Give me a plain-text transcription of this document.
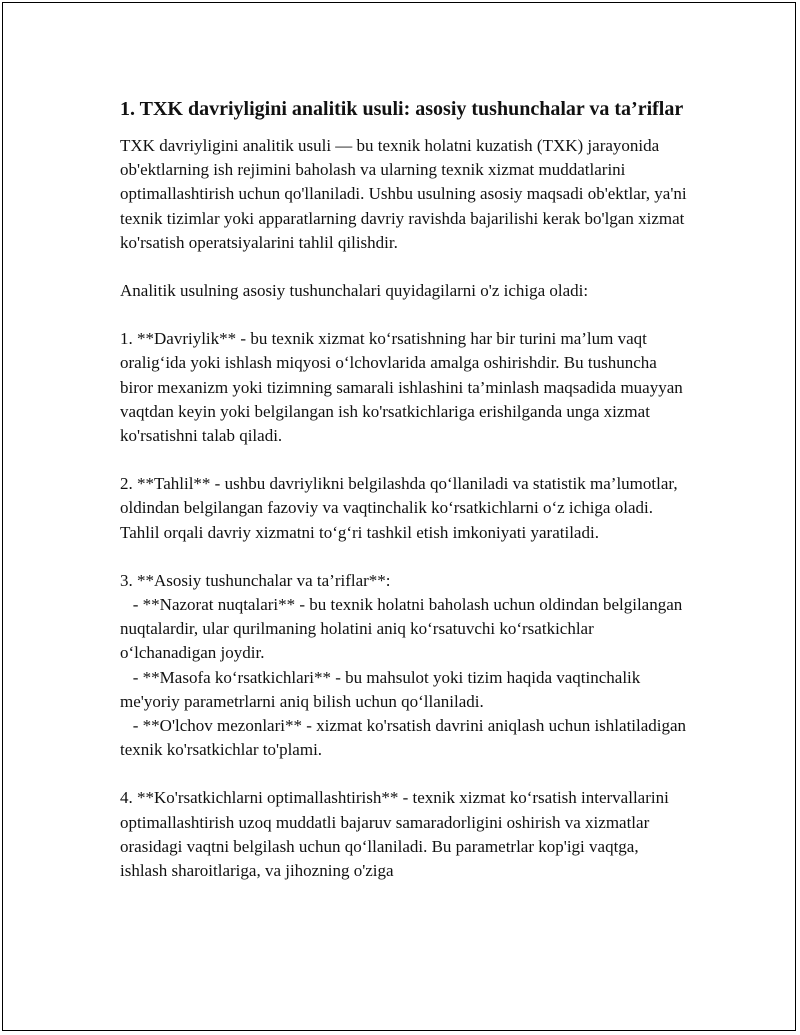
1. TXK davriyligini analitik usuli: asosiy tushunchalar va ta’riflar

TXK davriyligini analitik usuli — bu texnik holatni kuzatish (TXK) jarayonida ob'ektlarning ish rejimini baholash va ularning texnik xizmat muddatlarini optimallashtirish uchun qo'llaniladi. Ushbu usulning asosiy maqsadi ob'ektlar, ya'ni texnik tizimlar yoki apparatlarning davriy ravishda bajarilishi kerak bo'lgan xizmat ko'rsatish operatsiyalarini tahlil qilishdir.

Analitik usulning asosiy tushunchalari quyidagilarni o'z ichiga oladi:

1. **Davriylik** - bu texnik xizmat ko‘rsatishning har bir turini ma’lum vaqt oralig‘ida yoki ishlash miqyosi o‘lchovlarida amalga oshirishdir. Bu tushuncha biror mexanizm yoki tizimning samarali ishlashini ta’minlash maqsadida muayyan vaqtdan keyin yoki belgilangan ish ko'rsatkichlariga erishilganda unga xizmat ko'rsatishni talab qiladi.

2. **Tahlil** - ushbu davriylikni belgilashda qo‘llaniladi va statistik ma’lumotlar, oldindan belgilangan fazoviy va vaqtinchalik ko‘rsatkichlarni o‘z ichiga oladi. Tahlil orqali davriy xizmatni to‘g‘ri tashkil etish imkoniyati yaratiladi.

3. **Asosiy tushunchalar va ta’riflar**:
- **Nazorat nuqtalari** - bu texnik holatni baholash uchun oldindan belgilangan nuqtalardir, ular qurilmaning holatini aniq ko‘rsatuvchi ko‘rsatkichlar o‘lchanadigan joydir.
- **Masofa ko‘rsatkichlari** - bu mahsulot yoki tizim haqida vaqtinchalik me'yoriy parametrlarni aniq bilish uchun qo‘llaniladi.
- **O'lchov mezonlari** - xizmat ko'rsatish davrini aniqlash uchun ishlatiladigan texnik ko'rsatkichlar to'plami.

4. **Ko'rsatkichlarni optimallashtirish** - texnik xizmat ko‘rsatish intervallarini optimallashtirish uzoq muddatli bajaruv samaradorligini oshirish va xizmatlar orasidagi vaqtni belgilash uchun qo‘llaniladi. Bu parametrlar kop'igi vaqtga, ishlash sharoitlariga, va jihozning o'ziga
